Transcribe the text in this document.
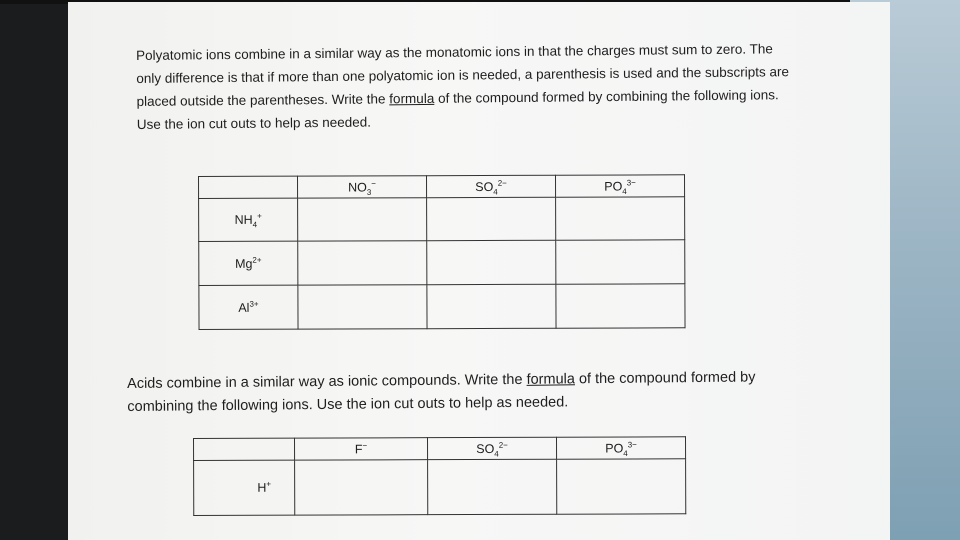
Polyatomic ions combine in a similar way as the monatomic ions in that the charges must sum to zero. The only difference is that if more than one polyatomic ion is needed, a parenthesis is used and the subscripts are placed outside the parentheses. Write the formula of the compound formed by combining the following ions. Use the ion cut outs to help as needed.
	$NO_3^-$	$SO_4^{2-}$	$PO_4^{3-}$
$NH_4^+$			
$Mg^{2+}$			
$Al^{3+}$			
Acids combine in a similar way as ionic compounds. Write the formula of the compound formed by combining the following ions. Use the ion cut outs to help as needed.
	F−	$SO_4^{2-}$	$PO_4^{3-}$
H+			
